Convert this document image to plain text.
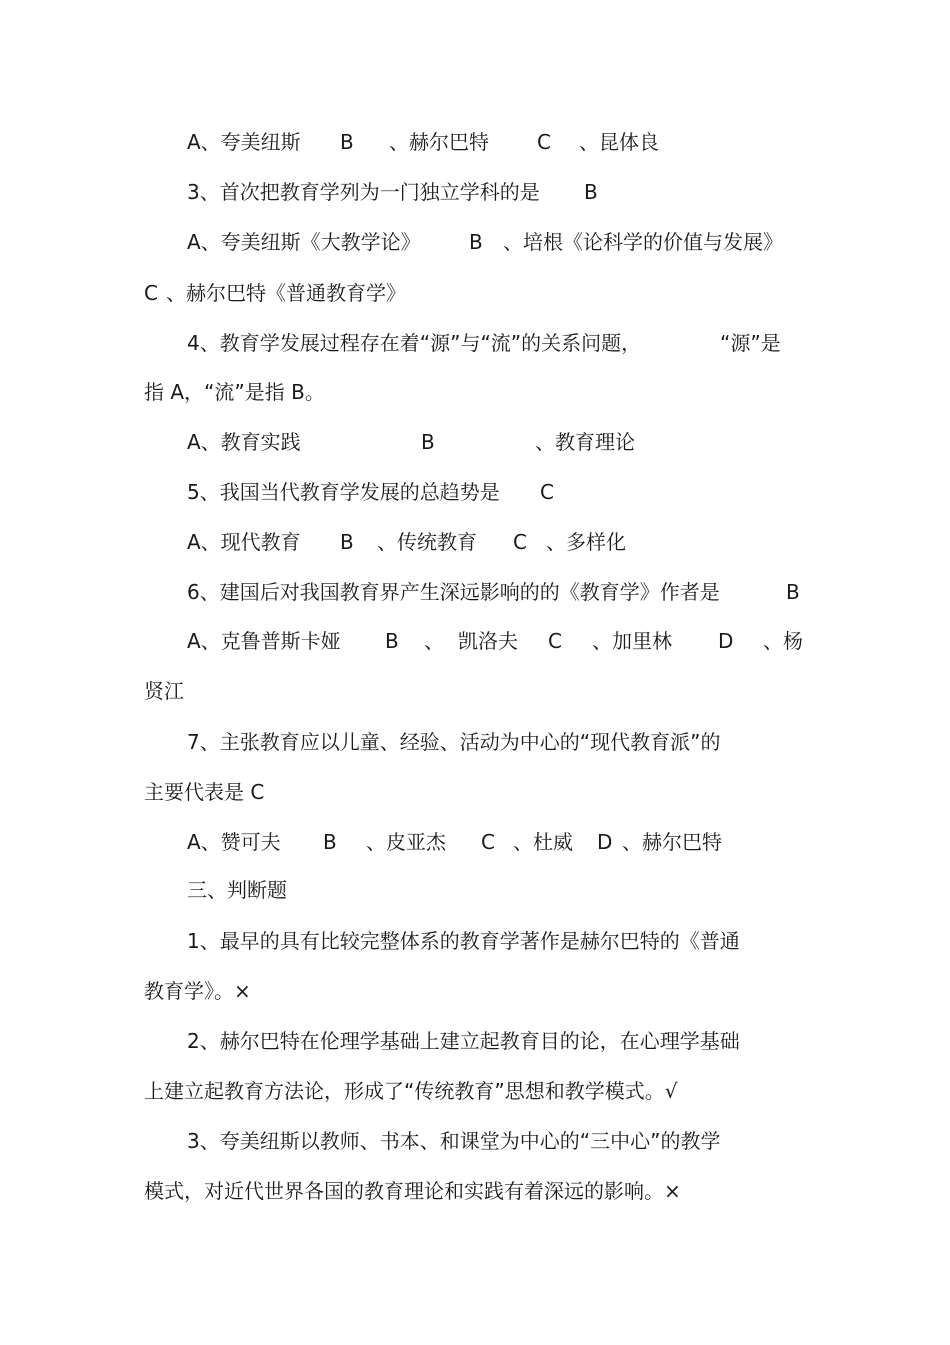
A、夸美纽斯 B 、赫尔巴特 C 、昆体良
3、首次把教育学列为一门独立学科的是 B
A、夸美纽斯《大教学论》 B 、培根《论科学的价值与发展》
C 、赫尔巴特《普通教育学》
4、教育学发展过程存在着“源”与“流”的关系问题，	“源”是
指 A，“流”是指 B。
A、教育实践	B	、教育理论
5、我国当代教育学发展的总趋势是 C
A、现代教育 B 、传统教育 C 、多样化
6、建国后对我国教育界产生深远影响的的《教育学》作者是	B
A、克鲁普斯卡娅 B 、 凯洛夫 C 、加里林 D 、杨
贤江
7、主张教育应以儿童、经验、活动为中心的“现代教育派”的
主要代表是 C
A、赞可夫 B 、皮亚杰 C 、杜威 D 、赫尔巴特
三、判断题
1、最早的具有比较完整体系的教育学著作是赫尔巴特的《普通
教育学》。×
2、赫尔巴特在伦理学基础上建立起教育目的论，在心理学基础
上建立起教育方法论，形成了“传统教育”思想和教学模式。√
3、夸美纽斯以教师、书本、和课堂为中心的“三中心”的教学
模式，对近代世界各国的教育理论和实践有着深远的影响。×
